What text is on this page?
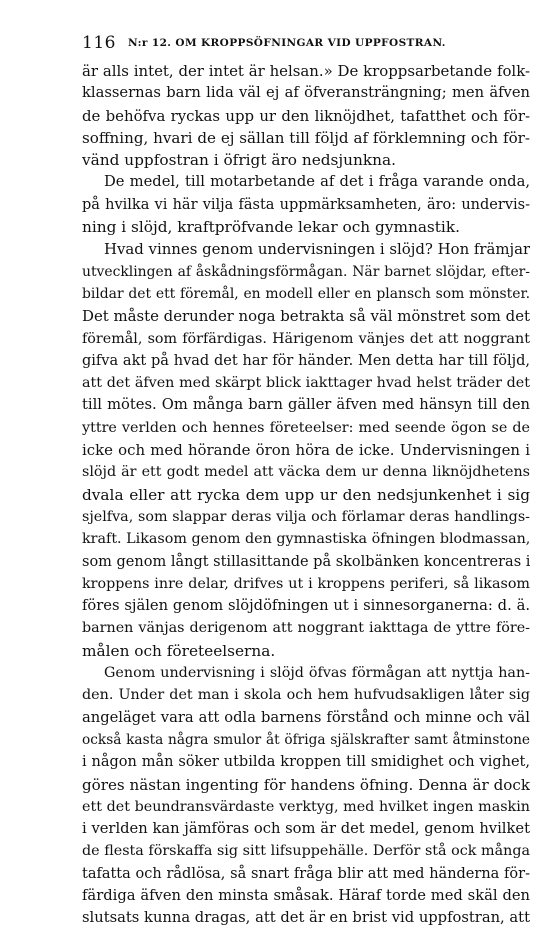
116 N:r 12. OM KROPPSÖFNINGAR VID UPPFOSTRAN.
är alls intet, der intet är helsan.» De kroppsarbetande folk-
klassernas barn lida väl ej af öfveransträngning; men äfven
de behöfva ryckas upp ur den liknöjdhet, tafatthet och för-
soffning, hvari de ej sällan till följd af förklemning och för-
vänd uppfostran i öfrigt äro nedsjunkna.
De medel, till motarbetande af det i fråga varande onda,
på hvilka vi här vilja fästa uppmärksamheten, äro: undervis-
ning i slöjd, kraftpröfvande lekar och gymnastik.
Hvad vinnes genom undervisningen i slöjd? Hon främjar
utvecklingen af åskådningsförmågan. När barnet slöjdar, efter-
bildar det ett föremål, en modell eller en plansch som mönster.
Det måste derunder noga betrakta så väl mönstret som det
föremål, som förfärdigas. Härigenom vänjes det att noggrant
gifva akt på hvad det har för händer. Men detta har till följd,
att det äfven med skärpt blick iakttager hvad helst träder det
till mötes. Om många barn gäller äfven med hänsyn till den
yttre verlden och hennes företeelser: med seende ögon se de
icke och med hörande öron höra de icke. Undervisningen i
slöjd är ett godt medel att väcka dem ur denna liknöjdhetens
dvala eller att rycka dem upp ur den nedsjunkenhet i sig
sjelfva, som slappar deras vilja och förlamar deras handlings-
kraft. Likasom genom den gymnastiska öfningen blodmassan,
som genom långt stillasittande på skolbänken koncentreras i
kroppens inre delar, drifves ut i kroppens periferi, så likasom
föres själen genom slöjdöfningen ut i sinnesorganerna: d. ä.
barnen vänjas derigenom att noggrant iakttaga de yttre före-
målen och företeelserna.
Genom undervisning i slöjd öfvas förmågan att nyttja han-
den. Under det man i skola och hem hufvudsakligen låter sig
angeläget vara att odla barnens förstånd och minne och väl
också kasta några smulor åt öfriga själskrafter samt åtminstone
i någon mån söker utbilda kroppen till smidighet och vighet,
göres nästan ingenting för handens öfning. Denna är dock
ett det beundransvärdaste verktyg, med hvilket ingen maskin
i verlden kan jämföras och som är det medel, genom hvilket
de flesta förskaffa sig sitt lifsuppehälle. Derför stå ock många
tafatta och rådlösa, så snart fråga blir att med händerna för-
färdiga äfven den minsta småsak. Häraf torde med skäl den
slutsats kunna dragas, att det är en brist vid uppfostran, att
